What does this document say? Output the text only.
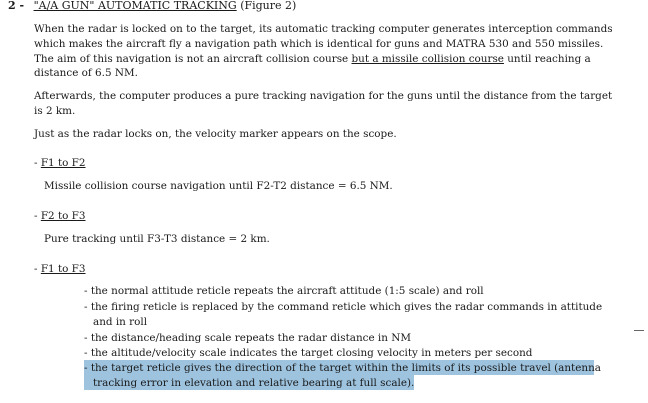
2 - "A/A GUN" AUTOMATIC TRACKING (Figure 2)
When the radar is locked on to the target, its automatic tracking computer generates interception commands
which makes the aircraft fly a navigation path which is identical for guns and MATRA 530 and 550 missiles.
The aim of this navigation is not an aircraft collision course but a missile collision course until reaching a
distance of 6.5 NM.
Afterwards, the computer produces a pure tracking navigation for the guns until the distance from the target
is 2 km.
Just as the radar locks on, the velocity marker appears on the scope.
- F1 to F2
Missile collision course navigation until F2-T2 distance = 6.5 NM.
- F2 to F3
Pure tracking until F3-T3 distance = 2 km.
- F1 to F3
- the normal attitude reticle repeats the aircraft attitude (1:5 scale) and roll
- the firing reticle is replaced by the command reticle which gives the radar commands in attitude
and in roll
- the distance/heading scale repeats the radar distance in NM
- the altitude/velocity scale indicates the target closing velocity in meters per second
- the target reticle gives the direction of the target within the limits of its possible travel (antenna
tracking error in elevation and relative bearing at full scale).
